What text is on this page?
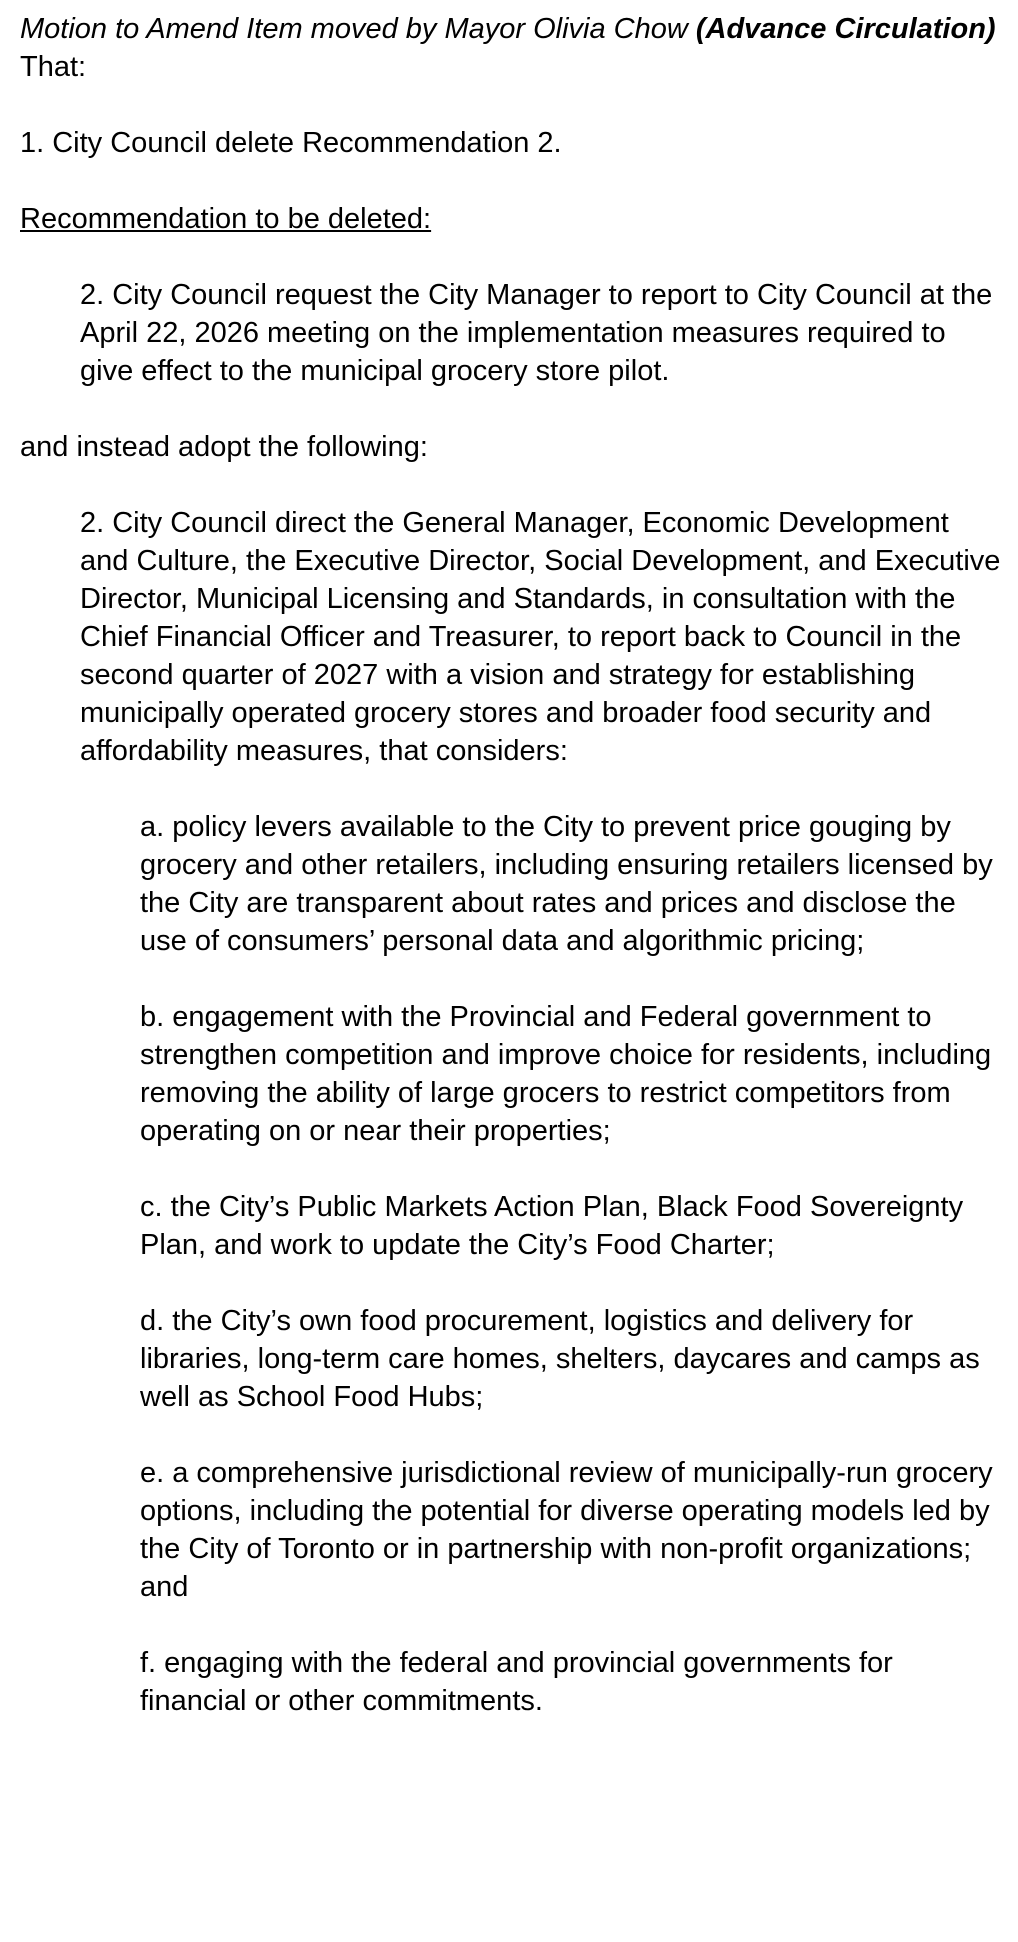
Motion to Amend Item moved by Mayor Olivia Chow (Advance Circulation)

That:

1. City Council delete Recommendation 2.

Recommendation to be deleted:

2. City Council request the City Manager to report to City Council at the April 22, 2026 meeting on the implementation measures required to give effect to the municipal grocery store pilot.

and instead adopt the following:

2. City Council direct the General Manager, Economic Development and Culture, the Executive Director, Social Development, and Executive Director, Municipal Licensing and Standards, in consultation with the Chief Financial Officer and Treasurer, to report back to Council in the second quarter of 2027 with a vision and strategy for establishing municipally operated grocery stores and broader food security and affordability measures, that considers:

a. policy levers available to the City to prevent price gouging by grocery and other retailers, including ensuring retailers licensed by the City are transparent about rates and prices and disclose the use of consumers’ personal data and algorithmic pricing;

b. engagement with the Provincial and Federal government to strengthen competition and improve choice for residents, including removing the ability of large grocers to restrict competitors from operating on or near their properties;

c. the City’s Public Markets Action Plan, Black Food Sovereignty Plan, and work to update the City’s Food Charter;

d. the City’s own food procurement, logistics and delivery for libraries, long-term care homes, shelters, daycares and camps as well as School Food Hubs;

e. a comprehensive jurisdictional review of municipally-run grocery options, including the potential for diverse operating models led by the City of Toronto or in partnership with non-profit organizations; and

f. engaging with the federal and provincial governments for financial or other commitments.
